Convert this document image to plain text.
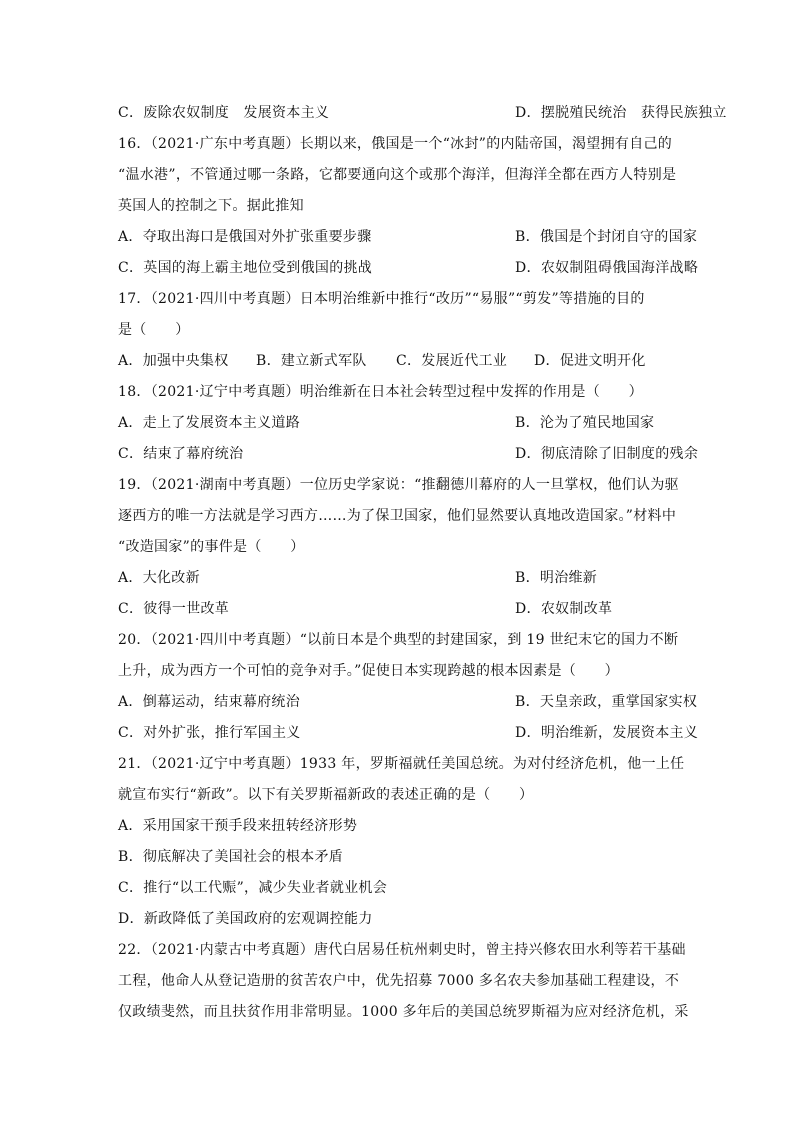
C．废除农奴制度　发展资本主义	D．摆脱殖民统治　获得民族独立
16．（2021·广东中考真题）长期以来，俄国是一个“冰封”的内陆帝国，渴望拥有自己的
“温水港”，不管通过哪一条路，它都要通向这个或那个海洋，但海洋全都在西方人特别是
英国人的控制之下。据此推知
A．夺取出海口是俄国对外扩张重要步骤	B．俄国是个封闭自守的国家
C．英国的海上霸主地位受到俄国的挑战	D．农奴制阻碍俄国海洋战略
17．（2021·四川中考真题）日本明治维新中推行“改历”“易服”“剪发”等措施的目的
是（　　）
A．加强中央集权 B．建立新式军队 C．发展近代工业 D．促进文明开化
18．（2021·辽宁中考真题）明治维新在日本社会转型过程中发挥的作用是（　　）
A．走上了发展资本主义道路	B．沦为了殖民地国家
C．结束了幕府统治	D．彻底清除了旧制度的残余
19．（2021·湖南中考真题）一位历史学家说：“推翻德川幕府的人一旦掌权，他们认为驱
逐西方的唯一方法就是学习西方……为了保卫国家，他们显然要认真地改造国家。”材料中
“改造国家”的事件是（　　）
A．大化改新	B．明治维新
C．彼得一世改革	D．农奴制改革
20．（2021·四川中考真题）“以前日本是个典型的封建国家，到 19 世纪末它的国力不断
上升，成为西方一个可怕的竞争对手。”促使日本实现跨越的根本因素是（　　）
A．倒幕运动，结束幕府统治	B．天皇亲政，重掌国家实权
C．对外扩张，推行军国主义	D．明治维新，发展资本主义
21．（2021·辽宁中考真题）1933 年，罗斯福就任美国总统。为对付经济危机，他一上任
就宣布实行“新政”。以下有关罗斯福新政的表述正确的是（　　）
A．采用国家干预手段来扭转经济形势
B．彻底解决了美国社会的根本矛盾
C．推行“以工代赈”，减少失业者就业机会
D．新政降低了美国政府的宏观调控能力
22．（2021·内蒙古中考真题）唐代白居易任杭州刺史时，曾主持兴修农田水利等若干基础
工程，他命人从登记造册的贫苦农户中，优先招募 7000 多名农夫参加基础工程建设，不
仅政绩斐然，而且扶贫作用非常明显。1000 多年后的美国总统罗斯福为应对经济危机，采
